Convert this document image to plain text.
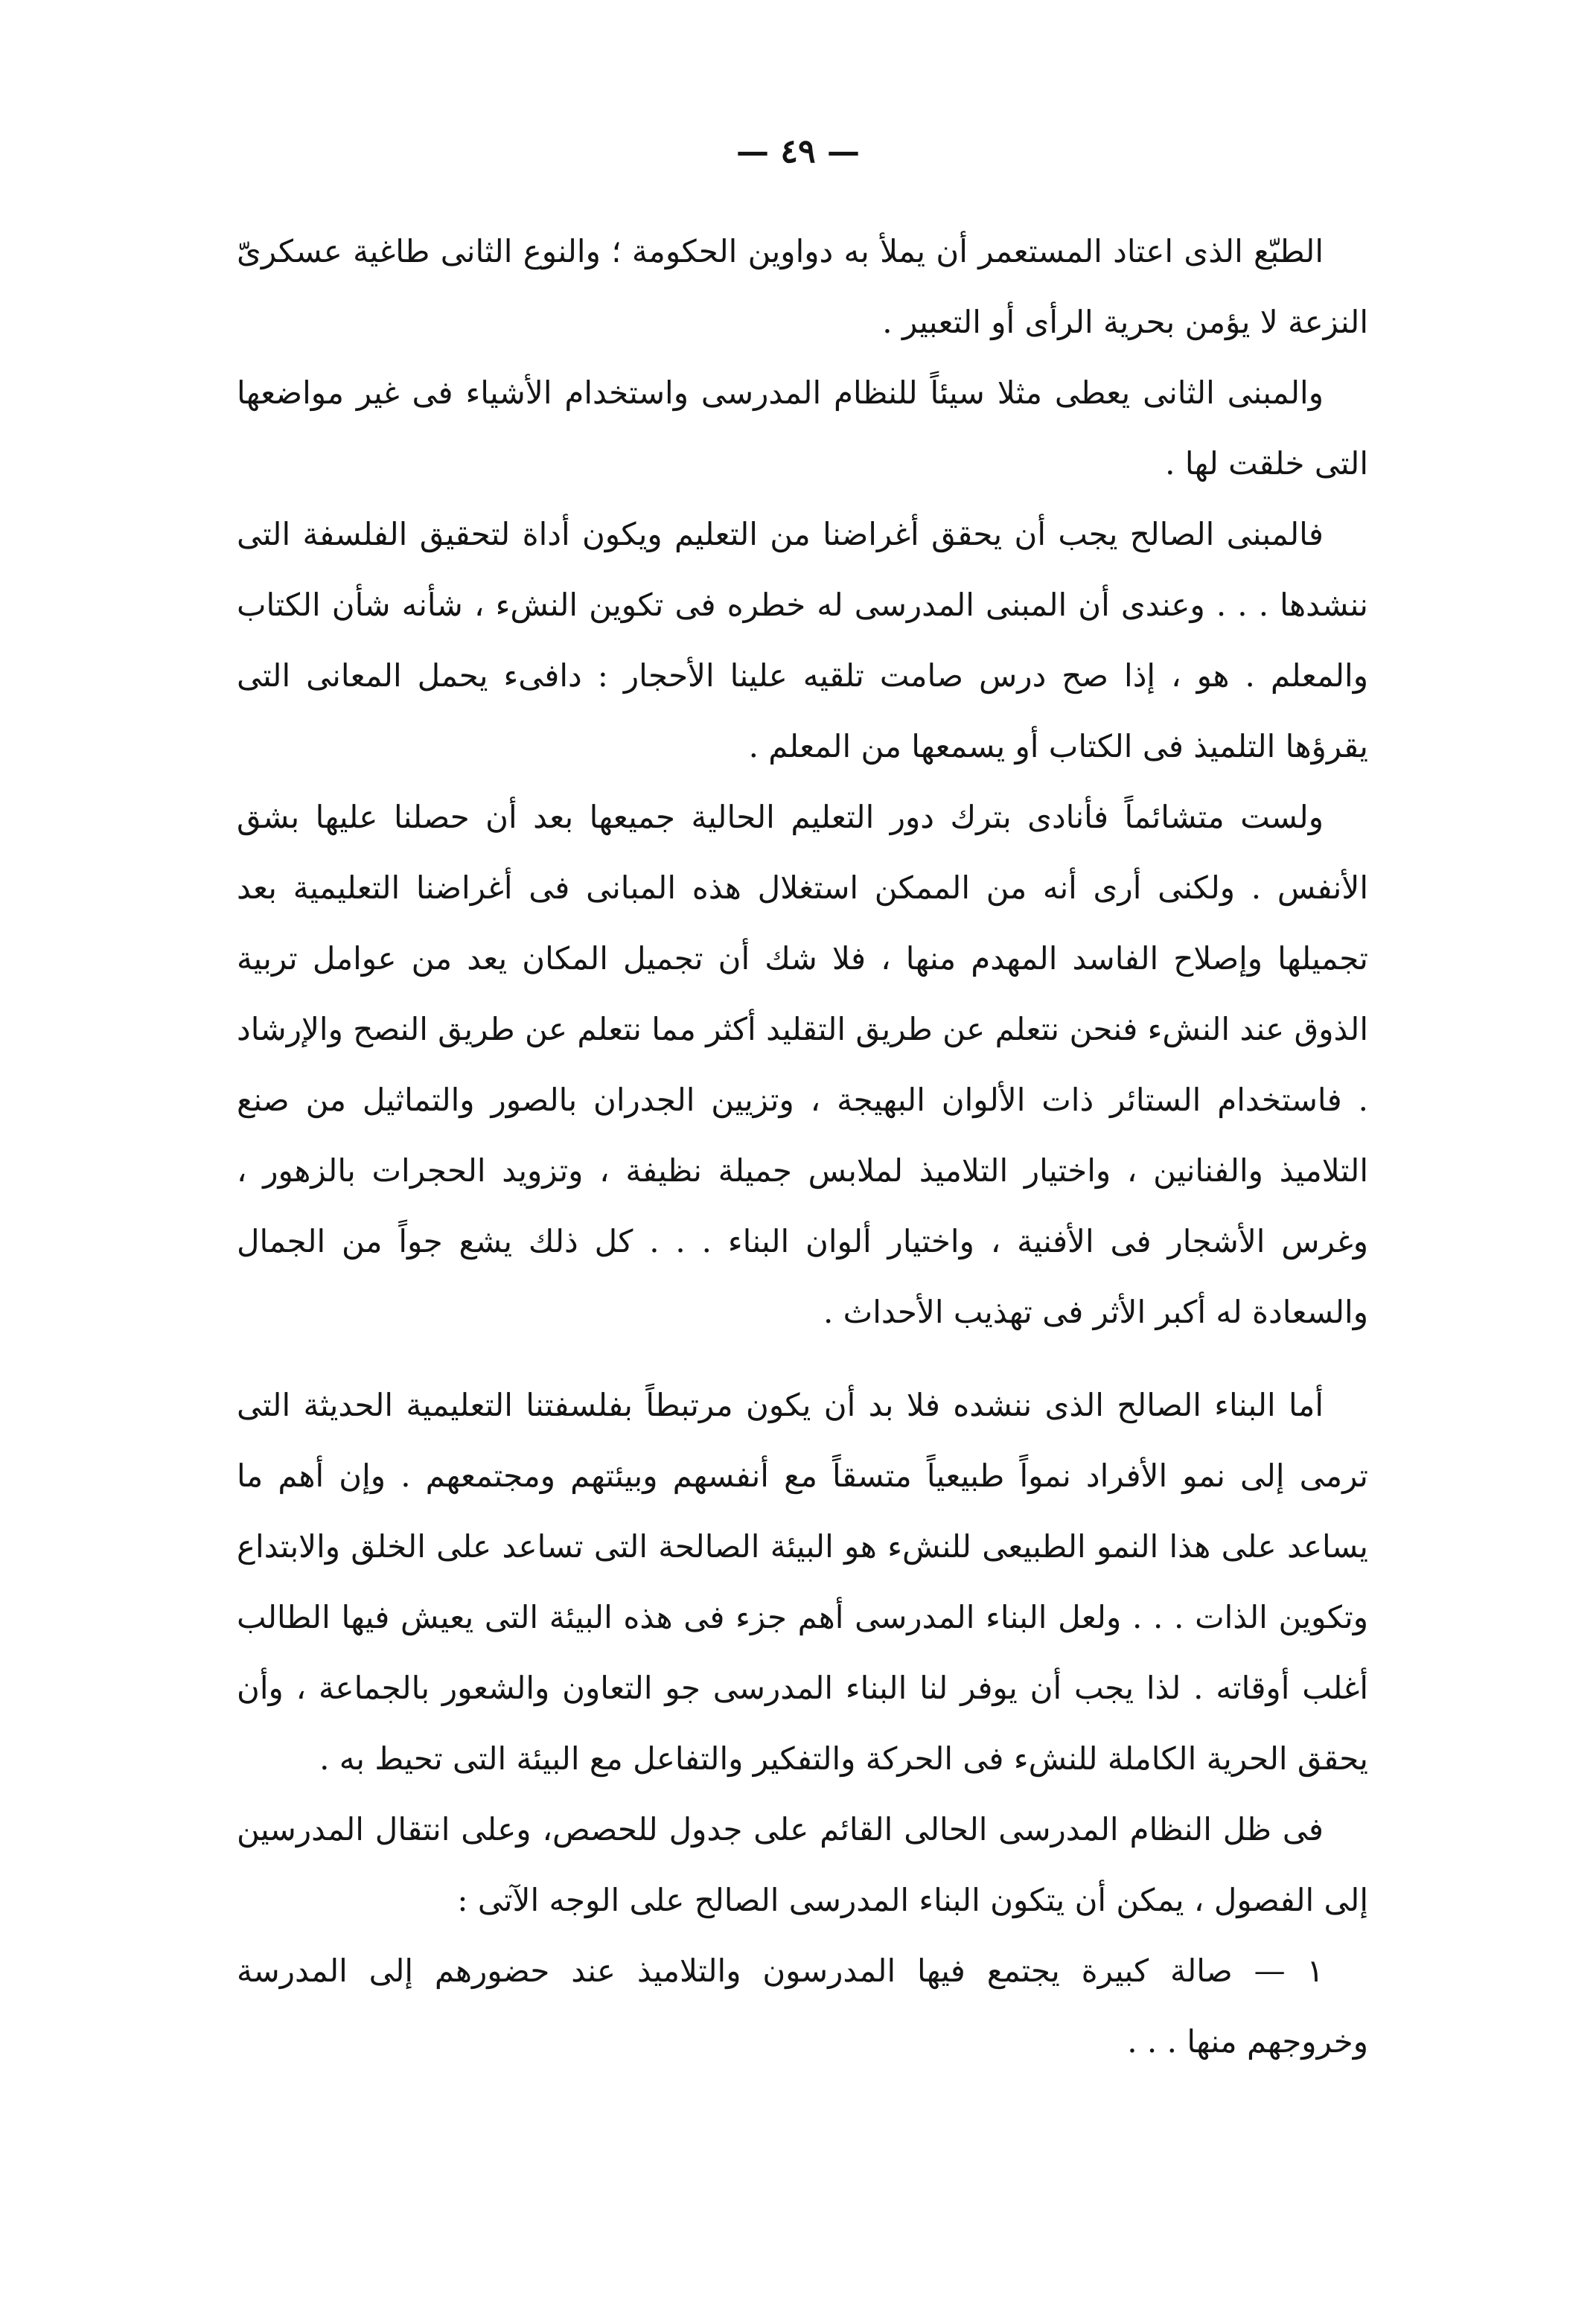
— ٤٩ —

الطبّع الذى اعتاد المستعمر أن يملأ به دواوين الحكومة ؛ والنوع الثانى طاغية عسكرىّ النزعة لا يؤمن بحرية الرأى أو التعبير .

والمبنى الثانى يعطى مثلا سيئاً للنظام المدرسى واستخدام الأشياء فى غير مواضعها التى خلقت لها .

فالمبنى الصالح يجب أن يحقق أغراضنا من التعليم ويكون أداة لتحقيق الفلسفة التى ننشدها . . . وعندى أن المبنى المدرسى له خطره فى تكوين النشء ، شأنه شأن الكتاب والمعلم . هو ، إذا صح درس صامت تلقيه علينا الأحجار : دافىء يحمل المعانى التى يقرؤها التلميذ فى الكتاب أو يسمعها من المعلم .

ولست متشائماً فأنادى بترك دور التعليم الحالية جميعها بعد أن حصلنا عليها بشق الأنفس . ولكنى أرى أنه من الممكن استغلال هذه المبانى فى أغراضنا التعليمية بعد تجميلها وإصلاح الفاسد المهدم منها ، فلا شك أن تجميل المكان يعد من عوامل تربية الذوق عند النشء فنحن نتعلم عن طريق التقليد أكثر مما نتعلم عن طريق النصح والإرشاد . فاستخدام الستائر ذات الألوان البهيجة ، وتزيين الجدران بالصور والتماثيل من صنع التلاميذ والفنانين ، واختيار التلاميذ لملابس جميلة نظيفة ، وتزويد الحجرات بالزهور ، وغرس الأشجار فى الأفنية ، واختيار ألوان البناء . . . كل ذلك يشع جواً من الجمال والسعادة له أكبر الأثر فى تهذيب الأحداث .

أما البناء الصالح الذى ننشده فلا بد أن يكون مرتبطاً بفلسفتنا التعليمية الحديثة التى ترمى إلى نمو الأفراد نمواً طبيعياً متسقاً مع أنفسهم وبيئتهم ومجتمعهم . وإن أهم ما يساعد على هذا النمو الطبيعى للنشء هو البيئة الصالحة التى تساعد على الخلق والابتداع وتكوين الذات . . . ولعل البناء المدرسى أهم جزء فى هذه البيئة التى يعيش فيها الطالب أغلب أوقاته . لذا يجب أن يوفر لنا البناء المدرسى جو التعاون والشعور بالجماعة ، وأن يحقق الحرية الكاملة للنشء فى الحركة والتفكير والتفاعل مع البيئة التى تحيط به .

فى ظل النظام المدرسى الحالى القائم على جدول للحصص، وعلى انتقال المدرسين إلى الفصول ، يمكن أن يتكون البناء المدرسى الصالح على الوجه الآتى :

١ — صالة كبيرة يجتمع فيها المدرسون والتلاميذ عند حضورهم إلى المدرسة وخروجهم منها . . .
